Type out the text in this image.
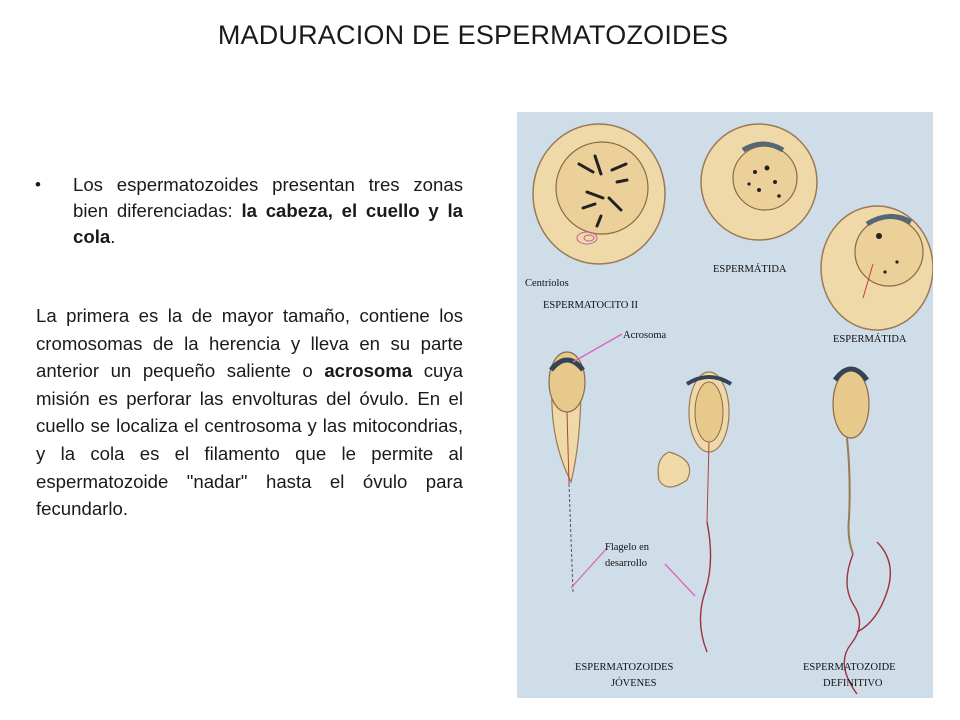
MADURACION DE ESPERMATOZOIDES
• Los espermatozoides presentan tres zonas bien diferenciadas: la cabeza, el cuello y la cola.
La primera es la de mayor tamaño, contiene los cromosomas de la herencia y lleva en su parte anterior un pequeño saliente o acrosoma cuya misión es perforar las envolturas del óvulo. En el cuello se localiza el centrosoma y las mitocondrias, y la cola es el filamento que le permite al espermatozoide "nadar" hasta el óvulo para fecundarlo.
Centríolos
ESPERMATOCITO II
ESPERMÁTIDA
ESPERMÁTIDA
Acrosoma
Flagelo en
desarrollo
ESPERMATOZOIDES
JÓVENES
ESPERMATOZOIDE
DEFINITIVO
